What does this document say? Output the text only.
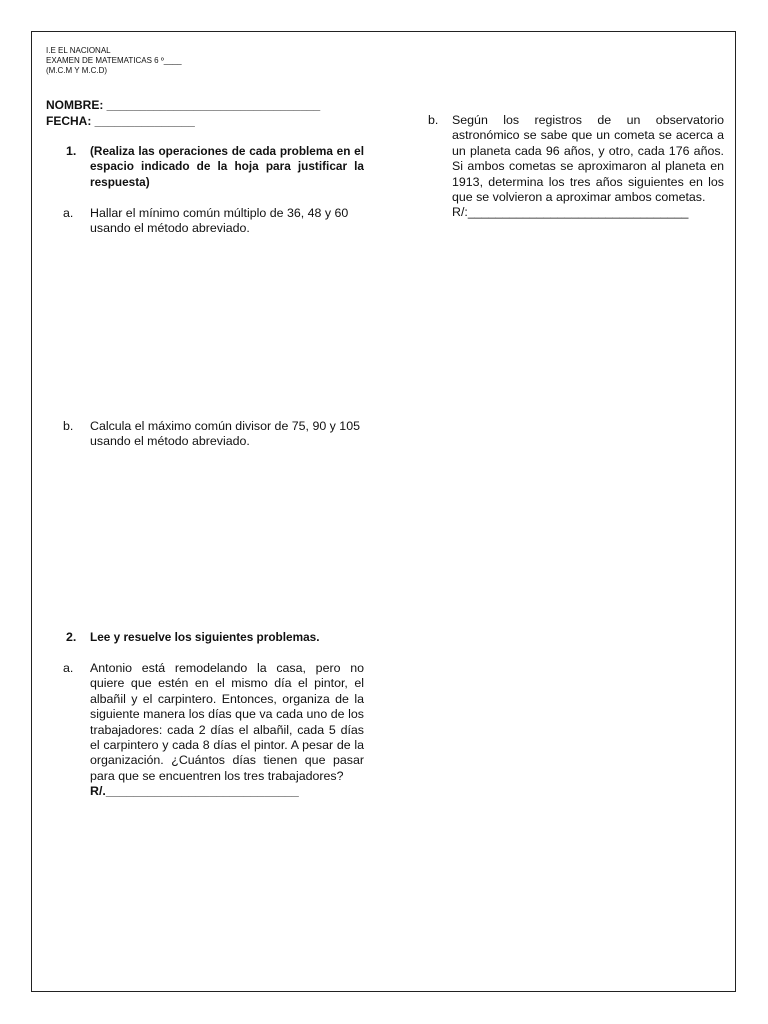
I.E EL NACIONAL
EXAMEN DE MATEMATICAS 6 º____
(M.C.M Y M.C.D)
NOMBRE: ________________________________
FECHA: _______________
1. (Realiza las operaciones de cada problema en el espacio indicado de la hoja para justificar la respuesta)
a. Hallar el mínimo común múltiplo de 36, 48 y 60 usando el método abreviado.
b. Calcula el máximo común divisor de 75, 90 y 105 usando el método abreviado.
2. Lee y resuelve los siguientes problemas.
a. Antonio está remodelando la casa, pero no quiere que estén en el mismo día el pintor, el albañil y el carpintero. Entonces, organiza de la siguiente manera los días que va cada uno de los trabajadores: cada 2 días el albañil, cada 5 días el carpintero y cada 8 días el pintor. A pesar de la organización. ¿Cuántos días tienen que pasar para que se encuentren los tres trabajadores?
R/.____________________________
b. Según los registros de un observatorio astronómico se sabe que un cometa se acerca a un planeta cada 96 años, y otro, cada 176 años. Si ambos cometas se aproximaron al planeta en 1913, determina los tres años siguientes en los que se volvieron a aproximar ambos cometas.
R/:________________________________
